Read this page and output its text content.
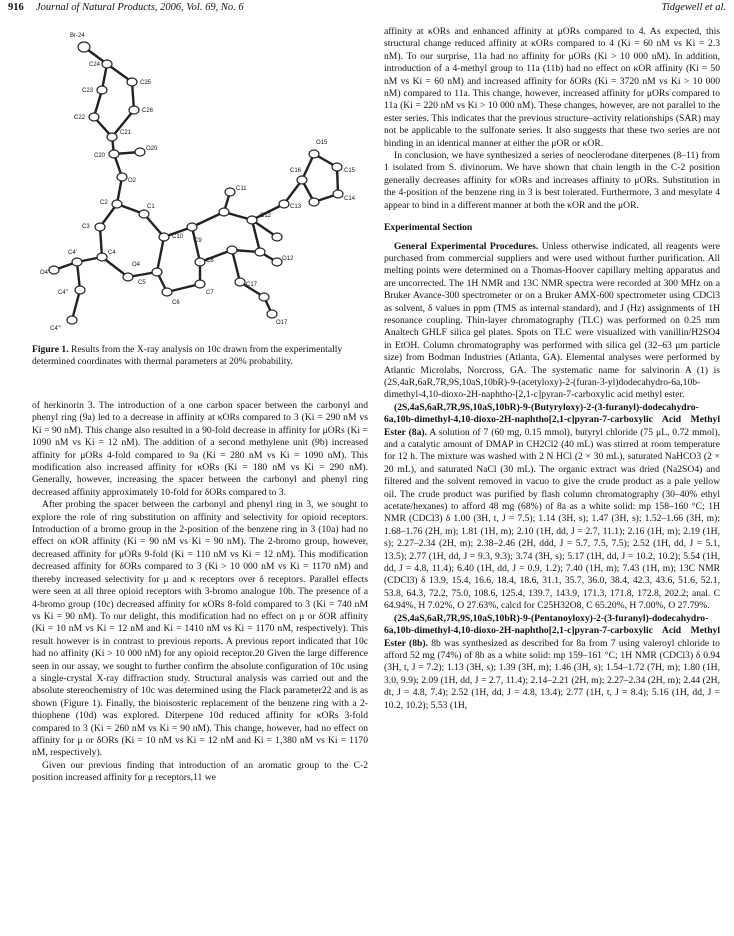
916 Journal of Natural Products, 2006, Vol. 69, No. 6	Tidgewell et al.
Br-24
C24
C25
C23
C26
C22
C21
C20
O20
O15
C16	C15
O2
C2
C11
C14
C1
C12
C13
C3
C10
C9
O12
C4
C4'
O4'
C5
C8
C17
C6
C7
O4
C4"
O17
C4'"
Figure 1. Results from the X-ray analysis on 10c drawn from the experimentally determined coordinates with thermal parameters at 20% probability.

of herkinorin 3. The introduction of a one carbon spacer between the carbonyl and phenyl ring (9a) led to a decrease in affinity at κORs compared to 3 (Ki = 290 nM vs Ki = 90 nM). This change also resulted in a 90-fold decrease in affinity for μORs (Ki = 1090 nM vs Ki = 12 nM). The addition of a second methylene unit (9b) increased affinity for μORs 4-fold compared to 9a (Ki = 280 nM vs Ki = 1090 nM). This modification also increased affinity for κORs (Ki = 180 nM vs Ki = 290 nM). Generally, however, increasing the spacer between the carbonyl and phenyl ring decreased affinity approximately 10-fold for δORs compared to 3.

After probing the spacer between the carbonyl and phenyl ring in 3, we sought to explore the role of ring substitution on affinity and selectivity for opioid receptors. Introduction of a bromo group in the 2-position of the benzene ring in 3 (10a) had no effect on κOR affinity (Ki = 90 nM vs Ki = 90 nM). The 2-bromo group, however, decreased affinity for μORs 9-fold (Ki = 110 nM vs Ki = 12 nM). This modification decreased affinity for δORs compared to 3 (Ki > 10 000 nM vs Ki = 1170 nM) and thereby increased selectivity for μ and κ receptors over δ receptors. Parallel effects were seen at all three opioid receptors with 3-bromo analogue 10b. The presence of a 4-bromo group (10c) decreased affinity for κORs 8-fold compared to 3 (Ki = 740 nM vs Ki = 90 nM). To our delight, this modification had no effect on μ or δOR affinity (Ki = 10 nM vs Ki = 12 nM and Ki = 1410 nM vs Ki = 1170 nM, respectively). This result however is in contrast to previous reports. A previous report indicated that 10c had no affinity (Ki > 10 000 nM) for any opioid receptor.20 Given the large difference seen in our assay, we sought to further confirm the absolute configuration of 10c using a single-crystal X-ray diffraction study. Structural analysis was carried out and the absolute stereochemistry of 10c was determined using the Flack parameter22 and is as shown (Figure 1). Finally, the bioisosteric replacement of the benzene ring with a 2-thiophene (10d) was explored. Diterpene 10d reduced affinity for κORs 3-fold compared to 3 (Ki = 260 nM vs Ki = 90 nM). This change, however, had no effect on affinity for μ or δORs (Ki = 10 nM vs Ki = 12 nM and Ki = 1,380 nM vs Ki = 1170 nM, respectively).

Given our previous finding that introduction of an aromatic group to the C-2 position increased affinity for μ receptors,11 we

affinity at κORs and enhanced affinity at μORs compared to 4. As expected, this structural change reduced affinity at κORs compared to 4 (Ki = 60 nM vs Ki = 2.3 nM). To our surprise, 11a had no affinity for μORs (Ki > 10 000 nM). In addition, introduction of a 4-methyl group to 11a (11b) had no effect on κOR affinity (Ki = 50 nM vs Ki = 60 nM) and increased affinity for δORs (Ki = 3720 nM vs Ki > 10 000 nM) compared to 11a. This change, however, increased affinity for μORs compared to 11a (Ki = 220 nM vs Ki > 10 000 nM). These changes, however, are not parallel to the ester series. This indicates that the previous structure–activity relationships (SAR) may not be applicable to the sulfonate series. It also suggests that these two series are not binding in an identical manner at either the μOR or κOR.

In conclusion, we have synthesized a series of neoclerodane diterpenes (8–11) from 1 isolated from S. divinorum. We have shown that chain length in the C-2 position generally decreases affinity for κORs and increases affinity to μORs. Substitution in the 4-position of the benzene ring in 3 is best tolerated. Furthermore, 3 and mesylate 4 appear to bind in a different manner at both the κOR and the μOR.

Experimental Section

General Experimental Procedures. Unless otherwise indicated, all reagents were purchased from commercial suppliers and were used without further purification. All melting points were determined on a Thomas-Hoover capillary melting apparatus and are uncorrected. The 1H NMR and 13C NMR spectra were recorded at 300 MHz on a Bruker Avance-300 spectrometer or on a Bruker AMX-600 spectrometer using CDCl3 as solvent, δ values in ppm (TMS as internal standard), and J (Hz) assignments of 1H resonance coupling. Thin-layer chromatography (TLC) was performed on 0.25 mm Analtech GHLF silica gel plates. Spots on TLC were visualized with vanillin/H2SO4 in EtOH. Column chromatography was performed with silica gel (32–63 μm particle size) from Bodman Industries (Atlanta, GA). Elemental analyses were performed by Atlantic Microlabs, Norcross, GA. The systematic name for salvinorin A (1) is (2S,4aR,6aR,7R,9S,10aS,10bR)-9-(acetyloxy)-2-(furan-3-yl)dodecahydro-6a,10b-dimethyl-4,10-dioxo-2H-naphtho-[2,1-c]pyran-7-carboxylic acid methyl ester.

(2S,4aS,6aR,7R,9S,10aS,10bR)-9-(Butyryloxy)-2-(3-furanyl)-dodecahydro-6a,10b-dimethyl-4,10-dioxo-2H-naphtho[2,1-c]pyran-7-carboxylic Acid Methyl Ester (8a). A solution of 7 (60 mg, 0.15 mmol), butyryl chloride (75 μL, 0.72 mmol), and a catalytic amount of DMAP in CH2Cl2 (40 mL) was stirred at room temperature for 12 h. The mixture was washed with 2 N HCl (2 × 30 mL), saturated NaHCO3 (2 × 20 mL), and saturated NaCl (30 mL). The organic extract was dried (Na2SO4) and filtered and the solvent removed in vacuo to give the crude product as a pale yellow oil. The crude product was purified by flash column chromatography (30–40% ethyl acetate/hexanes) to afford 48 mg (68%) of 8a as a white solid: mp 158–160 °C; 1H NMR (CDCl3) δ 1.00 (3H, t, J = 7.5); 1.14 (3H, s); 1.47 (3H, s); 1.52–1.66 (3H, m); 1.68–1.76 (2H, m); 1.81 (1H, m); 2.10 (1H, dd, J = 2.7, 11.1); 2.16 (1H, m); 2.19 (1H, s); 2.27–2.34 (2H, m); 2.38–2.46 (2H, ddd, J = 5.7, 7.5, 7.5); 2.52 (1H, dd, J = 5.1, 13.5); 2.77 (1H, dd, J = 9.3, 9.3); 3.74 (3H, s); 5.17 (1H, dd, J = 10.2, 10.2); 5.54 (1H, dd, J = 4.8, 11.4); 6.40 (1H, dd, J = 0.9, 1.2); 7.40 (1H, m); 7.43 (1H, m); 13C NMR (CDCl3) δ 13.9, 15.4, 16.6, 18.4, 18.6, 31.1, 35.7, 36.0, 38.4, 42.3, 43.6, 51.6, 52.1, 53.8, 64.3, 72.2, 75.0, 108.6, 125.4, 139.7, 143.9, 171.3, 171.8, 172.8, 202.2; anal. C 64.94%, H 7.02%, O 27.63%, calcd for C25H32O8, C 65.20%, H 7.00%, O 27.79%.

(2S,4aS,6aR,7R,9S,10aS,10bR)-9-(Pentanoyloxy)-2-(3-furanyl)-dodecahydro-6a,10b-dimethyl-4,10-dioxo-2H-naphtho[2,1-c]pyran-7-carboxylic Acid Methyl Ester (8b). 8b was synthesized as described for 8a from 7 using valeroyl chloride to afford 52 mg (74%) of 8b as a white solid: mp 159–161 °C; 1H NMR (CDCl3) δ 0.94 (3H, t, J = 7.2); 1.13 (3H, s); 1.39 (3H, m); 1.46 (3H, s); 1.54–1.72 (7H, m); 1.80 (1H, 3.0, 9.9); 2.09 (1H, dd, J = 2.7, 11.4); 2.14–2.21 (2H, m); 2.27–2.34 (2H, m); 2.44 (2H, dt, J = 4.8, 7.4); 2.52 (1H, dd, J = 4.8, 13.4); 2.77 (1H, t, J = 8.4); 5.16 (1H, dd, J = 10.2, 10.2); 5.53 (1H,
